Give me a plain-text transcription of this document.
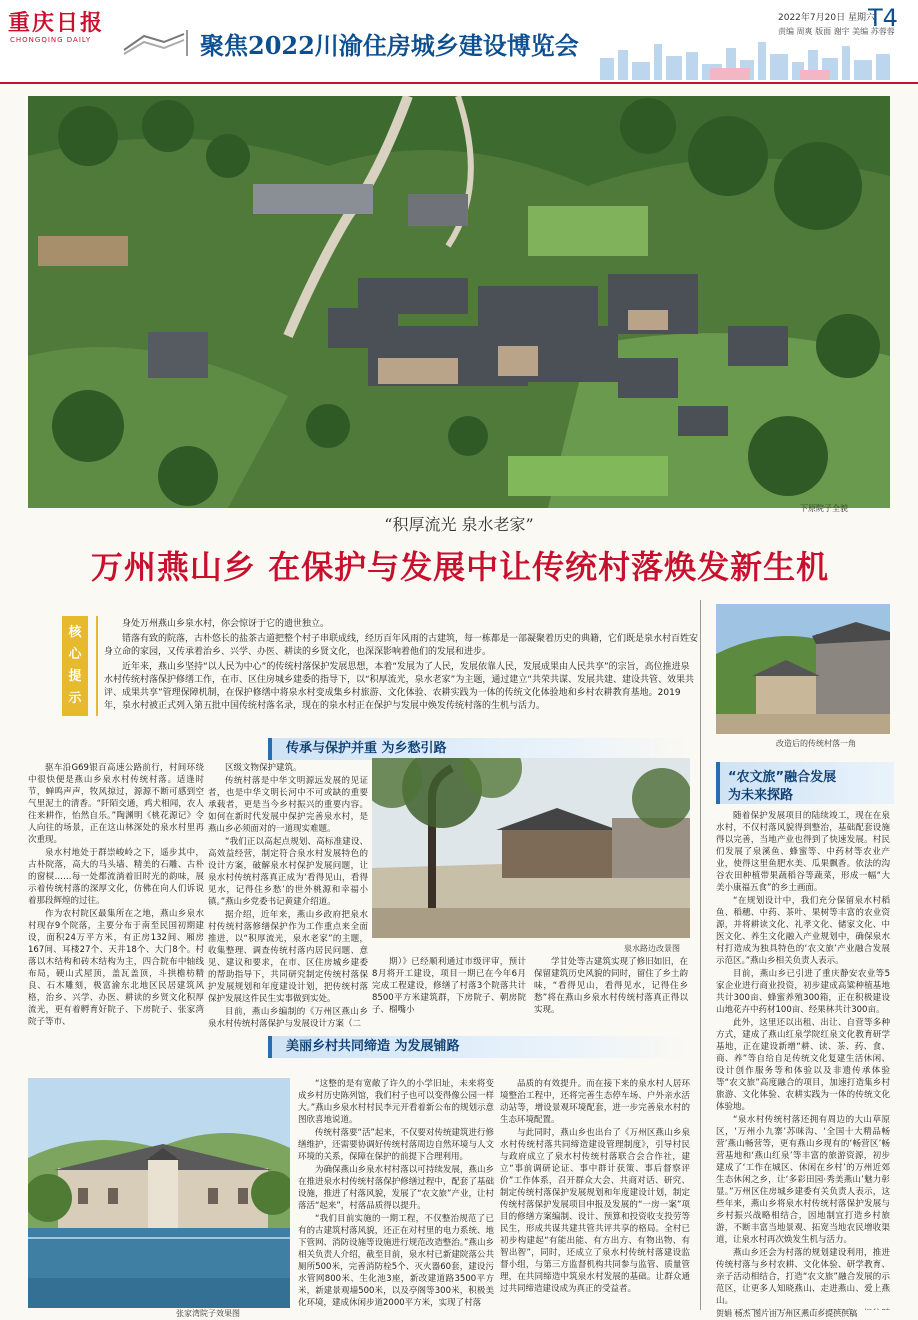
重庆日报
CHONGQING DAILY	聚焦2022川渝住房城乡建设博览会
2022年7月20日 星期六
T4
责编 周爽 版面 谢宇 美编 苏蓉蓉
下原院子全貌
“积厚流光 泉水老家”
万州燕山乡 在保护与发展中让传统村落焕发新生机
核心提示

身处万州燕山乡泉水村，你会惊讶于它的遗世独立。

错落有致的院落，古朴悠长的盐茶古道把整个村子串联成线，经历百年风雨的古建筑，每一栋都是一部凝聚着历史的典籍，它们既是泉水村百姓安身立命的家园，又传承着治乡、兴学、办医、耕读的乡贤文化，也深深影响着他们的发展和进步。

近年来，燕山乡坚持“以人民为中心”的传统村落保护发展思想，本着“发展为了人民，发展依靠人民，发展成果由人民共享”的宗旨，高位推进泉水村传统村落保护修缮工作，在市、区住房城乡建委的指导下，以“积厚流光，泉水老家”为主题，通过建立“共荣共谋、发展共建、建设共管、效果共评、成果共享”管理保障机制，在保护修缮中将泉水村变成集乡村旅游、文化体验、农耕实践为一体的传统文化体验地和乡村农耕教育基地。2019年，泉水村被正式列入第五批中国传统村落名录，现在的泉水村正在保护与发展中焕发传统村落的生机与活力。

改造后的传统村落一角
传承与保护并重 为乡愁引路

驱车沿G69银百高速公路前行，村间环绕中很快便是燕山乡泉水村传统村落。适逢时节，蝉鸣声声，牧风掠过，源源不断可感到空气里泥土的清香。“阡陌交通，鸡犬相闻，农人往来耕作，怡然自乐。”陶渊明《桃花源记》令人向往的场景，正在这山林深处的泉水村里再次重现。

泉水村地处于群崇峻岭之下，遥步其中，古朴院落，高大的马头墙、精美的石雕、古朴的窗棂……每一处都流淌着旧时光的韵味，展示着传统村落的深厚文化，仿佛在向人们诉说着那段辉煌的过往。

作为农村院区最集所在之地，燕山乡泉水村现存9个院落，主要分布于南至民国初期建设，面积24万平方米，有正房132间、厢房167间、耳楼27个、天井18个、大门8个。村落以木结构和砖木结构为主，四合院布中轴线布局，硬山式屋顶，盖瓦盖顶，斗拱檐枋精良、石木雕刻，极富渝东北地区民居建筑风格，治乡、兴学、办医、耕读的乡贤文化积厚流光，更有着孵育好院子、下房院子、张家湾院子等市、

区级文物保护建筑。

传统村落是中华文明源远发展的见证者，也是中华文明长河中不可或缺的重要承载者，更是当今乡村振兴的重要内容。如何在新时代发展中保护完善泉水村，是燕山乡必须面对的一道现实难题。

“我们正以高起点规划、高标准建设、高效益经营，制定符合泉水村发展特色的设计方案，破解泉水村保护发展问题，让泉水村传统村落真正成为‘看得见山，看得见水，记得住乡愁’的世外桃源和幸福小镇。”燕山乡党委书记黄建介绍道。

据介绍，近年来，燕山乡政府把泉水村传统村落修缮保护作为工作重点来全面推进，以“积厚流光，泉水老家”的主题，收集整理、调查传统村落内居民问题、意见、建议和要求，在市、区住房城乡建委的帮助指导下，共同研究制定传统村落保护发展规划和年度建设计划，把传统村落保护发展这件民生实事做到实处。

目前，燕山乡编制的《万州区燕山乡泉水村传统村落保护与发展设计方案（二

泉水路边改景图

期）》已经顺利通过市级评审，预计8月将开工建设，项目一期已在今年6月完成工程建设，修缮了村落3个院落共计8500平方米建筑群，下房院子、朝房院子、榴嘴小

学甘处等古建筑实现了修旧如旧，在保留建筑历史风貌的同时，留住了乡土韵味，“看得见山，看得见水，记得住乡愁”将在燕山乡泉水村传统村落真正得以实现。

“农文旅”融合发展
为未来探路

随着保护发展项目的陆续竣工，现在在泉水村，不仅村落风貌得到整治，基础配套设施得以完善，当地产业也得到了快速发展。村民们发展了泉溪鱼、蜂蜜等、中药材等农业产业，使得这里鱼肥水美、瓜果飘香。依法的沟谷农田种植带果蔬稻谷等蔬菜，形成一幅“大美小康福五食”的乡土画面。

“在规划设计中，我们充分保留泉水村稻鱼、稻穗、中药、茶叶、果树等丰富的农业资源，并将耕读文化、礼孝文化、储家文化、中医文化、养生文化融入产业规划中，确保泉水村打造成为独具特色的‘农文旅’产业融合发展示范区。”燕山乡相关负责人表示。

目前，燕山乡已引进了重庆静安农业等5家企业进行商业投资，初步建成高粱种植基地共计300亩、蜂蜜养殖300箱，正在积极建设山地花卉中药材100亩、经果林共计300亩。

此外，这里还以出租、出让、自营等多种方式，建成了燕山红泉学院红泉文化教育研学基地，正在建设新增“耕、读、茶、药、食、商、养”等自给自足传统文化复建生活休闲、设计创作服务等和体验以及非遗传承体验等“农文旅”高度融合的项目，加速打造集乡村旅游、文化体验、农耕实践为一体的传统文化体验地。

“泉水村传统村落还拥有周边的大山草原区，‘万州小九寨’苏咪沟、‘全国十大精品畅营’燕山畅营等，更有燕山乡现有的‘畅营区’畅营基地和‘燕山红泉’等丰富的旅游资源，初步建成了‘工作在城区、休闲在乡村’的万州近郊生态休闲之乡，让‘多彩田园·秀美燕山’魅力彰显。”万州区住房城乡建委有关负责人表示，这些年来，燕山乡将泉水村传统村落保护发展与乡村振兴战略相结合，因地制宜打造乡村旅游，不断丰富当地景观、拓宽当地农民增收渠道，让泉水村再次焕发生机与活力。

燕山乡还会为村落的规划建设利用，推进传统村落与乡村农耕、文化体验、研学教育、亲子活动相结合，打造“农文旅”融合发展的示范区，让更多人知晓燕山、走进燕山、爱上燕山。

美丽乡村共同缔造 为发展铺路
张家湾院子效果图

“这整的是有宽敞了许久的小学旧址，未来将变成乡村历史陈列馆，我们村子也可以变得像公园一样大。”燕山乡泉水村村民李元开看着新公布的规划示意图欣喜地说道。

传统村落要“活”起来，不仅要对传统建筑进行修缮维护，还需要协调好传统村落周边自然环境与人文环境的关系，保障在保护的前提下合理利用。

为确保燕山乡泉水村村落以可持续发展，燕山乡在推进泉水村传统村落保护修缮过程中，配套了基础设施，推进了村落风貌，发展了“农文旅”产业，让村落活“起来”，村落品质得以提升。

“我们目前实施的一期工程，不仅整治规范了已有的古建筑村落风貌，还正在对村里的电力系统、地下管网、消防设施等设施进行规范改造整治。”燕山乡相关负责人介绍，截至目前，泉水村已新建院落公共厕所500米，完善消防栓5个、灭火器60套，建设污水管网800米、生化池3座，新改建道路3500平方米，新建景观墙500米，以及亭阁等300米，积极美化环境，建成休闲步道2000平方米，实现了村落

品质的有效提升。而在接下来的泉水村人居环境整治工程中，还将完善生态停车场、户外亲水活动站等，增设景观环境配套，进一步完善泉水村的生态环境配置。

与此同时，燕山乡也出台了《万州区燕山乡泉水村传统村落共同缔造建设管理制度》，引导村民与政府成立了泉水村传统村落联合会合作社，建立“事前调研论证、事中群计获策、事后督察评价”工作体系，召开群众大会、共商对话、研究、制定传统村落保护发展规划和年度建设计划，制定传统村落保护发展项目申报及发展的“一房一案”项目的修缮方案编制、设计、预算和投资收支投劳等民生，形成共谋共建共管共评共享的格局。全村已初步构建起“有能出能、有方出方、有物出物、有智出智”，同时，还成立了泉水村传统村落建设监督小组，与第三方监督机构共同参与监管、质量管理，在共同缔造中筑泉水村发展的基础。让群众通过共同缔造建设成为真正的受益者。

贺娟 杨杰 图片由万州区燕山乡提供供稿
